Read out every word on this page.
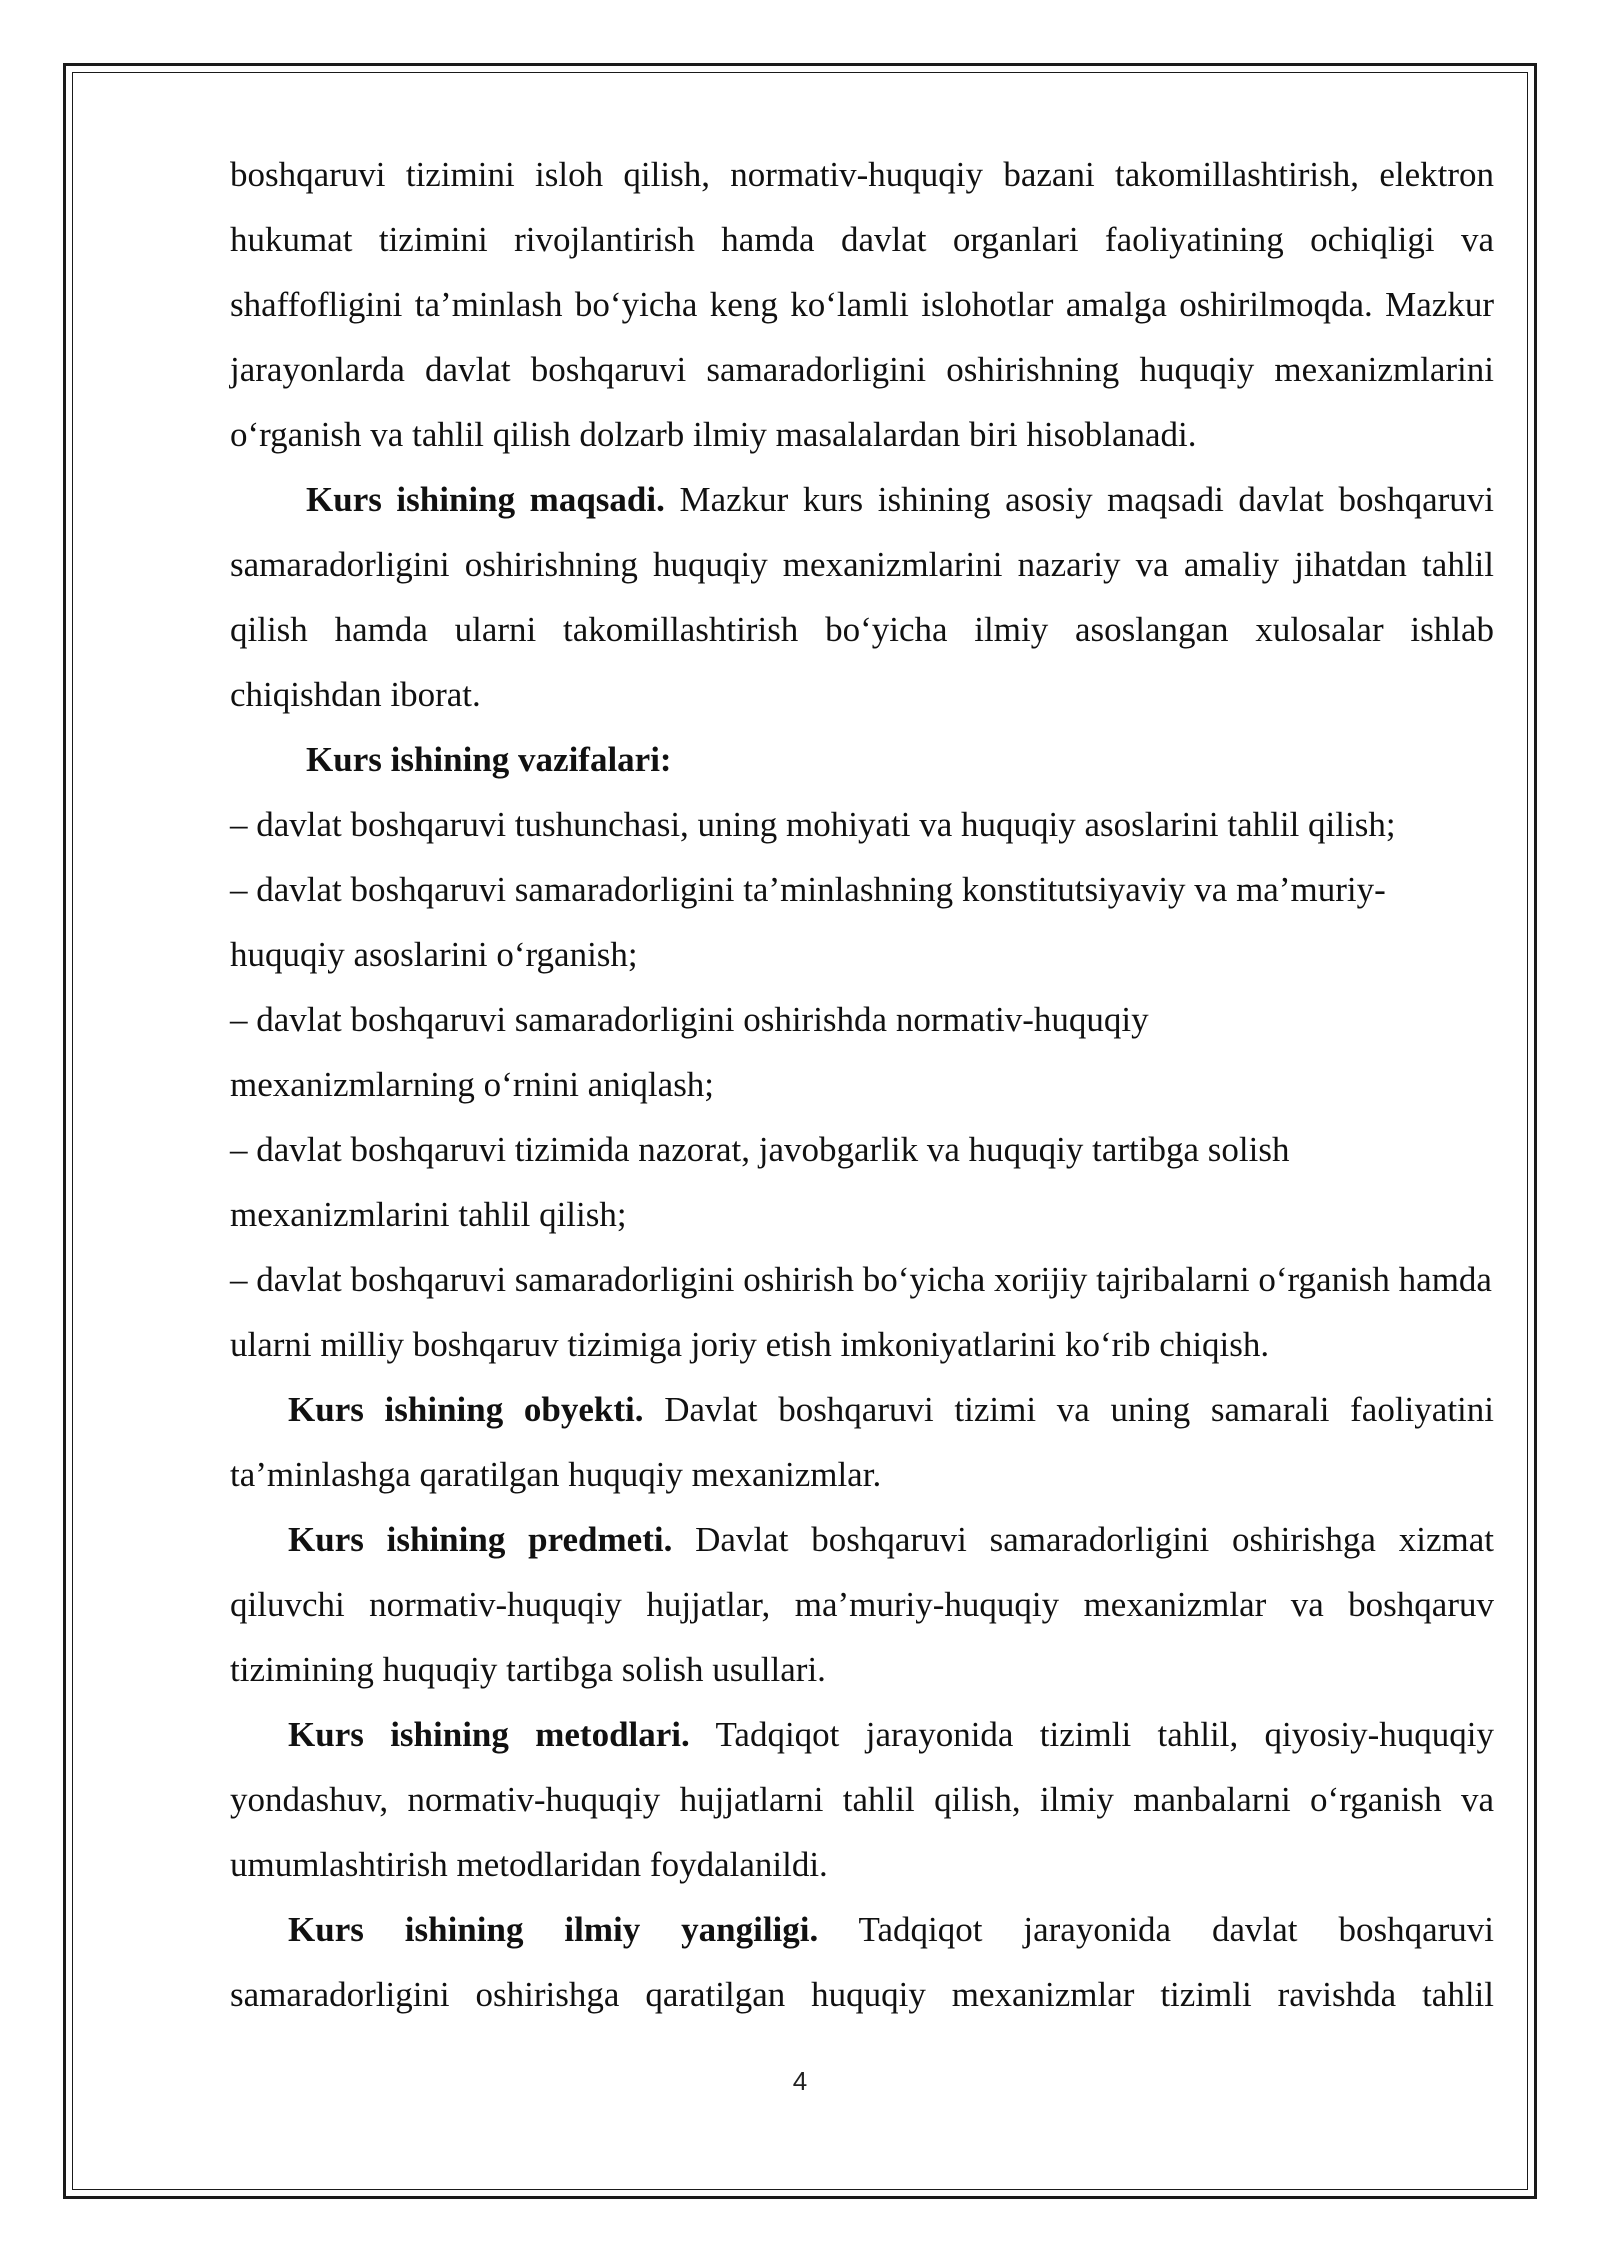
boshqaruvi tizimini isloh qilish, normativ-huquqiy bazani takomillashtirish, elektron hukumat tizimini rivojlantirish hamda davlat organlari faoliyatining ochiqligi va shaffofligini ta’minlash bo‘yicha keng ko‘lamli islohotlar amalga oshirilmoqda. Mazkur jarayonlarda davlat boshqaruvi samaradorligini oshirishning huquqiy mexanizmlarini o‘rganish va tahlil qilish dolzarb ilmiy masalalardan biri hisoblanadi.

Kurs ishining maqsadi. Mazkur kurs ishining asosiy maqsadi davlat boshqaruvi samaradorligini oshirishning huquqiy mexanizmlarini nazariy va amaliy jihatdan tahlil qilish hamda ularni takomillashtirish bo‘yicha ilmiy asoslangan xulosalar ishlab chiqishdan iborat.

Kurs ishining vazifalari:

– davlat boshqaruvi tushunchasi, uning mohiyati va huquqiy asoslarini tahlil qilish;

– davlat boshqaruvi samaradorligini ta’minlashning konstitutsiyaviy va ma’muriy-huquqiy asoslarini o‘rganish;

– davlat boshqaruvi samaradorligini oshirishda normativ-huquqiy mexanizmlarning o‘rnini aniqlash;

– davlat boshqaruvi tizimida nazorat, javobgarlik va huquqiy tartibga solish mexanizmlarini tahlil qilish;

– davlat boshqaruvi samaradorligini oshirish bo‘yicha xorijiy tajribalarni o‘rganish hamda ularni milliy boshqaruv tizimiga joriy etish imkoniyatlarini ko‘rib chiqish.

Kurs ishining obyekti. Davlat boshqaruvi tizimi va uning samarali faoliyatini ta’minlashga qaratilgan huquqiy mexanizmlar.

Kurs ishining predmeti. Davlat boshqaruvi samaradorligini oshirishga xizmat qiluvchi normativ-huquqiy hujjatlar, ma’muriy-huquqiy mexanizmlar va boshqaruv tizimining huquqiy tartibga solish usullari.

Kurs ishining metodlari. Tadqiqot jarayonida tizimli tahlil, qiyosiy-huquqiy yondashuv, normativ-huquqiy hujjatlarni tahlil qilish, ilmiy manbalarni o‘rganish va umumlashtirish metodlaridan foydalanildi.

Kurs ishining ilmiy yangiligi. Tadqiqot jarayonida davlat boshqaruvi samaradorligini oshirishga qaratilgan huquqiy mexanizmlar tizimli ravishda tahlil

4
